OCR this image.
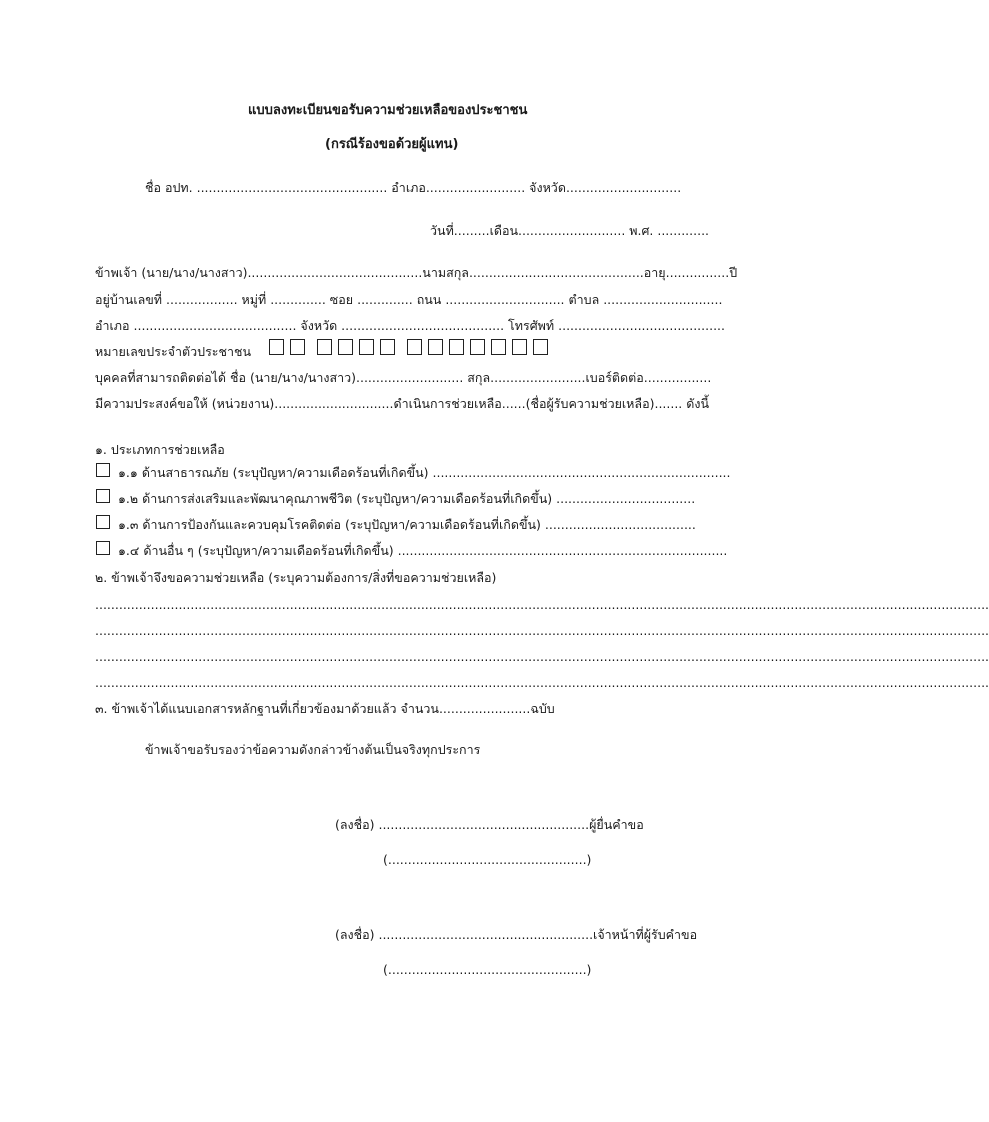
แบบลงทะเบียนขอรับความช่วยเหลือของประชาชน
(กรณีร้องขอด้วยผู้แทน)
ชื่อ อปท. ................................................ อำเภอ......................... จังหวัด.............................
วันที่.........เดือน........................... พ.ศ. .............
ข้าพเจ้า (นาย/นาง/นางสาว)............................................นามสกุล............................................อายุ................ปี
อยู่บ้านเลขที่ .................. หมู่ที่ .............. ซอย .............. ถนน .............................. ตำบล ..............................
อำเภอ ......................................... จังหวัด ......................................... โทรศัพท์ ..........................................
หมายเลขประจำตัวประชาชน
บุคคลที่สามารถติดต่อได้ ชื่อ (นาย/นาง/นางสาว)........................... สกุล........................เบอร์ติดต่อ.................
มีความประสงค์ขอให้ (หน่วยงาน)..............................ดำเนินการช่วยเหลือ......(ชื่อผู้รับความช่วยเหลือ)....... ดังนี้
๑. ประเภทการช่วยเหลือ
๑.๑ ด้านสาธารณภัย (ระบุปัญหา/ความเดือดร้อนที่เกิดขึ้น) ...........................................................................
๑.๒ ด้านการส่งเสริมและพัฒนาคุณภาพชีวิต (ระบุปัญหา/ความเดือดร้อนที่เกิดขึ้น) ...................................
๑.๓ ด้านการป้องกันและควบคุมโรคติดต่อ (ระบุปัญหา/ความเดือดร้อนที่เกิดขึ้น) ......................................
๑.๔ ด้านอื่น ๆ (ระบุปัญหา/ความเดือดร้อนที่เกิดขึ้น) ...................................................................................
๒. ข้าพเจ้าจึงขอความช่วยเหลือ (ระบุความต้องการ/สิ่งที่ขอความช่วยเหลือ)
.................................................................................................................................................................................................................................
.................................................................................................................................................................................................................................
.................................................................................................................................................................................................................................
.................................................................................................................................................................................................................................
๓. ข้าพเจ้าได้แนบเอกสารหลักฐานที่เกี่ยวข้องมาด้วยแล้ว จำนวน.......................ฉบับ
ข้าพเจ้าขอรับรองว่าข้อความดังกล่าวข้างต้นเป็นจริงทุกประการ
(ลงชื่อ) .....................................................ผู้ยื่นคำขอ
(..................................................)
(ลงชื่อ) ......................................................เจ้าหน้าที่ผู้รับคำขอ
(..................................................)
